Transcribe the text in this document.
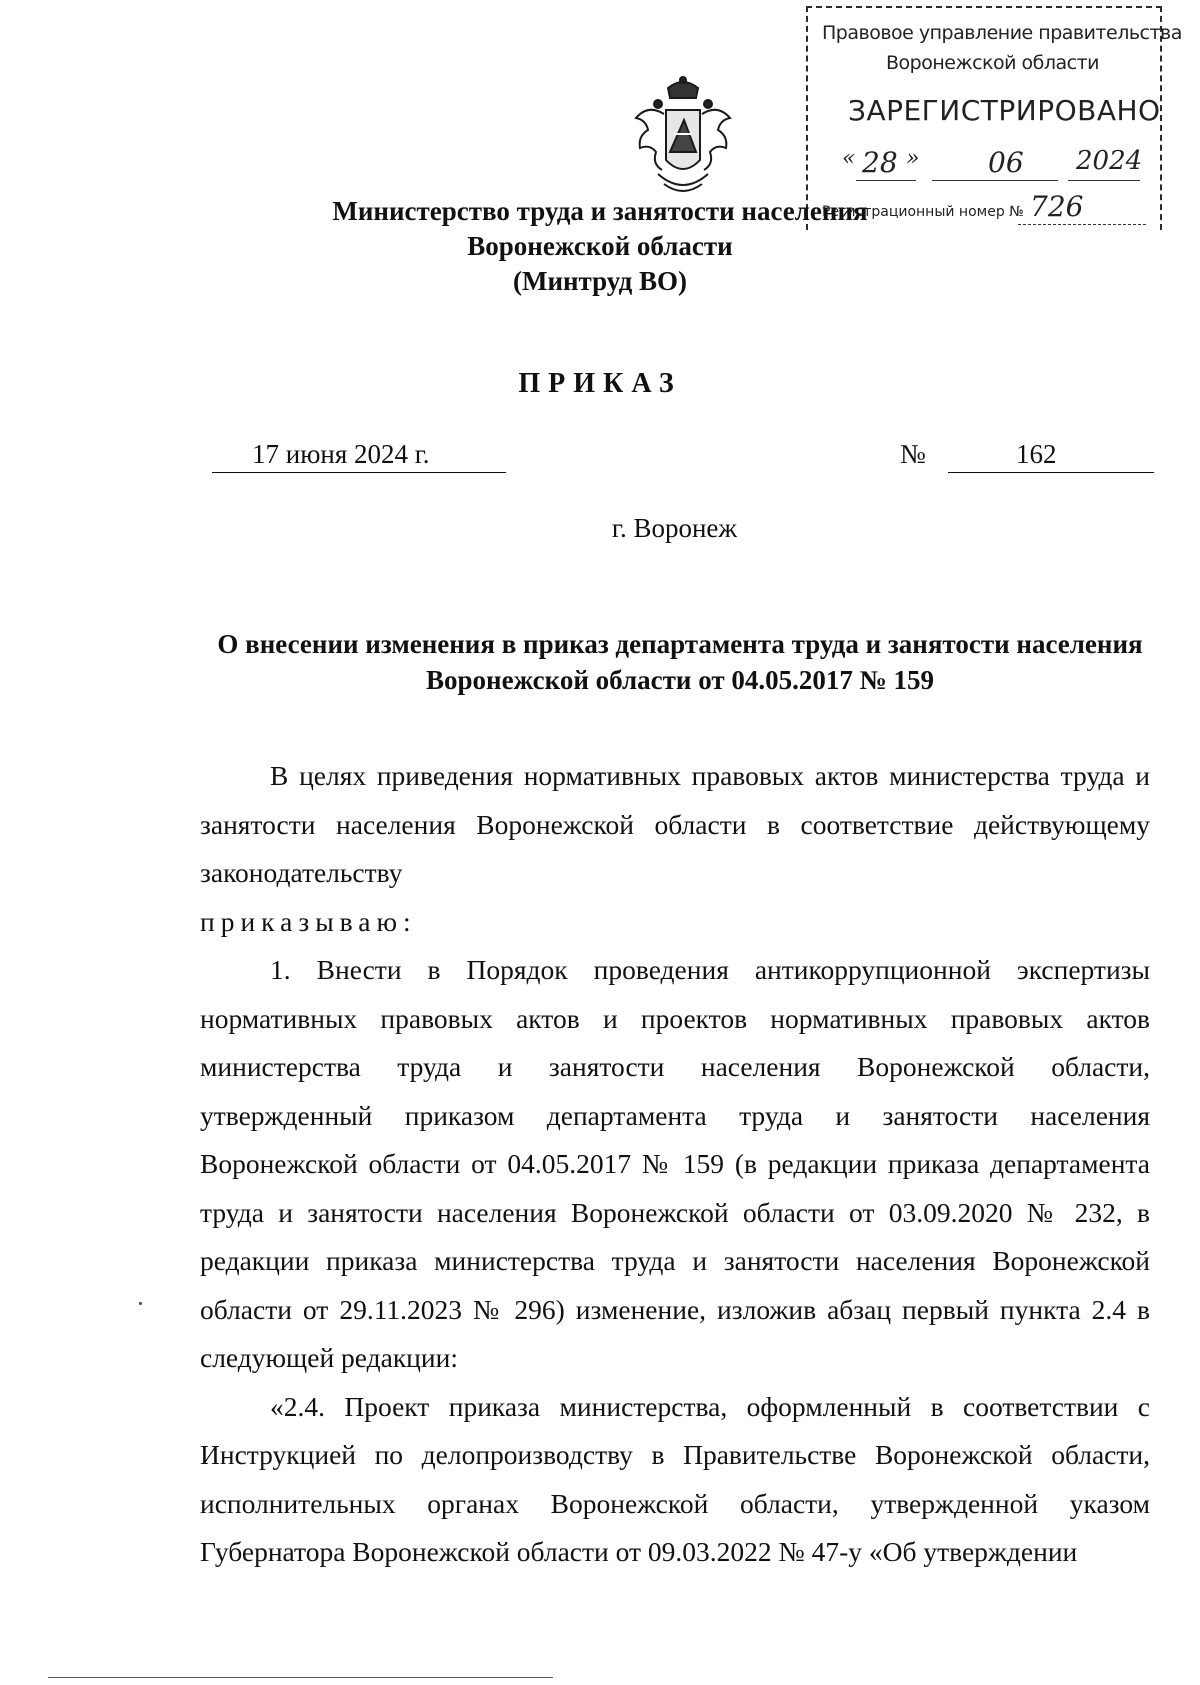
Правовое управление правительства
Воронежской области
ЗАРЕГИСТРИРОВАНО
« 28 » 06 2024
Регистрационный номер № 726
Министерство труда и занятости населения
Воронежской области
(Минтруд ВО)
ПРИКАЗ
17 июня 2024 г.	№	162
г. Воронеж
О внесении изменения в приказ департамента труда и занятости населения Воронежской области от 04.05.2017 № 159

В целях приведения нормативных правовых актов министерства труда и занятости населения Воронежской области в соответствие действующему законодательству

приказываю:

1. Внести в Порядок проведения антикоррупционной экспертизы нормативных правовых актов и проектов нормативных правовых актов министерства труда и занятости населения Воронежской области, утвержденный приказом департамента труда и занятости населения Воронежской области от 04.05.2017 № 159 (в редакции приказа департамента труда и занятости населения Воронежской области от 03.09.2020 № 232, в редакции приказа министерства труда и занятости населения Воронежской области от 29.11.2023 № 296) изменение, изложив абзац первый пункта 2.4 в следующей редакции:

«2.4. Проект приказа министерства, оформленный в соответствии с Инструкцией по делопроизводству в Правительстве Воронежской области, исполнительных органах Воронежской области, утвержденной указом Губернатора Воронежской области от 09.03.2022 № 47-у «Об утверждении
